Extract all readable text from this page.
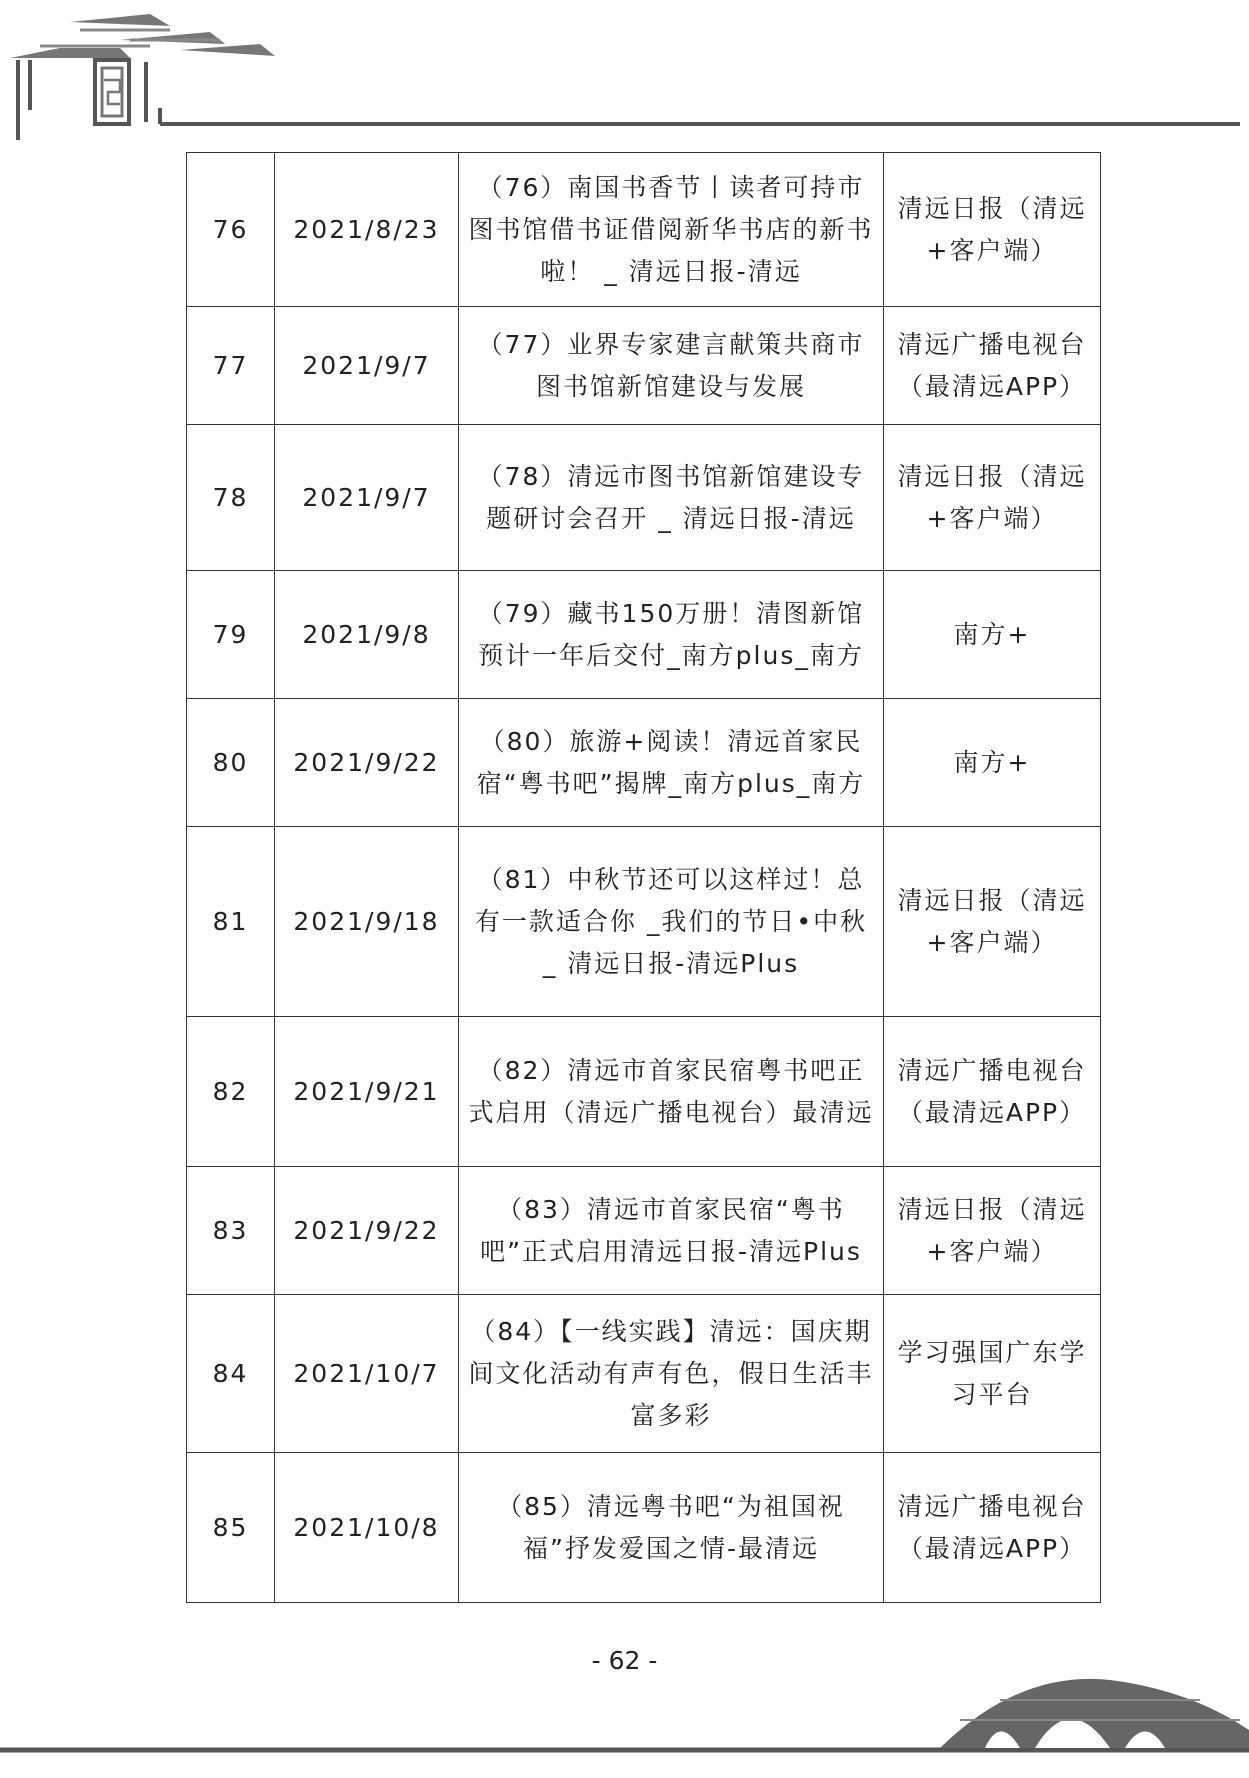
76	2021/8/23	（76）南国书香节丨读者可持市图书馆借书证借阅新华书店的新书啦！ _ 清远日报-清远	清远日报（清远+客户端）
77	2021/9/7	（77）业界专家建言献策共商市图书馆新馆建设与发展	清远广播电视台（最清远APP）
78	2021/9/7	（78）清远市图书馆新馆建设专题研讨会召开 _ 清远日报-清远	清远日报（清远+客户端）
79	2021/9/8	（79）藏书150万册！清图新馆预计一年后交付_南方plus_南方	南方+
80	2021/9/22	（80）旅游+阅读！清远首家民宿“粤书吧”揭牌_南方plus_南方	南方+
81	2021/9/18	（81）中秋节还可以这样过！总有一款适合你 _我们的节日•中秋 _ 清远日报-清远Plus	清远日报（清远+客户端）
82	2021/9/21	（82）清远市首家民宿粤书吧正式启用（清远广播电视台）最清远	清远广播电视台（最清远APP）
83	2021/9/22	（83）清远市首家民宿“粤书吧”正式启用清远日报-清远Plus	清远日报（清远+客户端）
84	2021/10/7	（84）【一线实践】清远：国庆期间文化活动有声有色，假日生活丰富多彩	学习强国广东学习平台
85	2021/10/8	（85）清远粤书吧“为祖国祝福”抒发爱国之情-最清远	清远广播电视台（最清远APP）
- 62 -
